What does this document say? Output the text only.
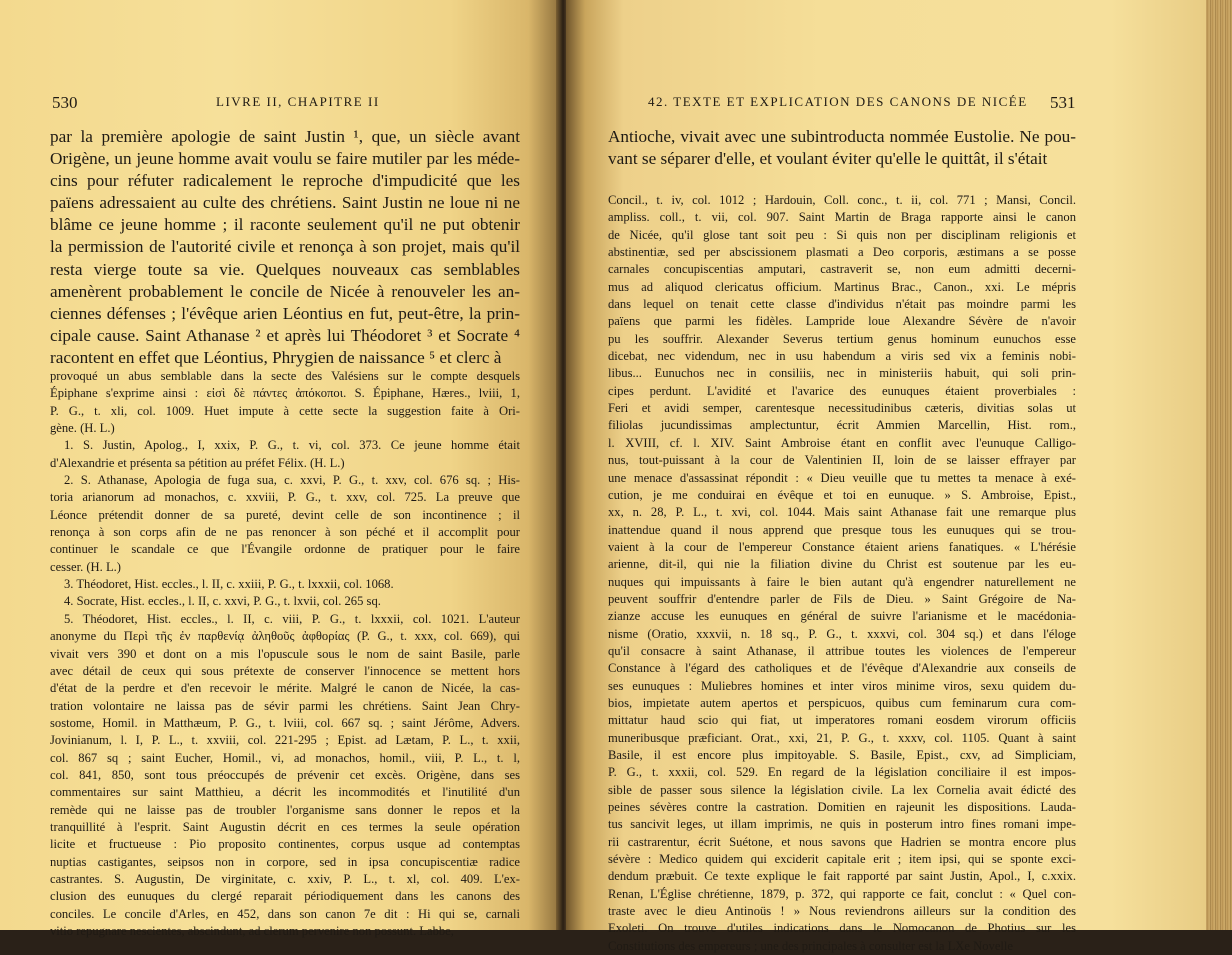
530	LIVRE II, CHAPITRE II
par la première apologie de saint Justin ¹, que, un siècle avant
Origène, un jeune homme avait voulu se faire mutiler par les méde-
cins pour réfuter radicalement le reproche d'impudicité que les
païens adressaient au culte des chrétiens. Saint Justin ne loue ni ne
blâme ce jeune homme ; il raconte seulement qu'il ne put obtenir
la permission de l'autorité civile et renonça à son projet, mais qu'il
resta vierge toute sa vie. Quelques nouveaux cas semblables
amenèrent probablement le concile de Nicée à renouveler les an-
ciennes défenses ; l'évêque arien Léontius en fut, peut-être, la prin-
cipale cause. Saint Athanase ² et après lui Théodoret ³ et Socrate ⁴
racontent en effet que Léontius, Phrygien de naissance ⁵ et clerc à
provoqué un abus semblable dans la secte des Valésiens sur le compte desquels
Épiphane s'exprime ainsi : εἰσὶ δὲ πάντες ἀπόκοποι. S. Épiphane, Hæres., lviii, 1,
P. G., t. xli, col. 1009. Huet impute à cette secte la suggestion faite à Ori-
gène. (H. L.)
1. S. Justin, Apolog., I, xxix, P. G., t. vi, col. 373. Ce jeune homme était
d'Alexandrie et présenta sa pétition au préfet Félix. (H. L.)
2. S. Athanase, Apologia de fuga sua, c. xxvi, P. G., t. xxv, col. 676 sq. ; His-
toria arianorum ad monachos, c. xxviii, P. G., t. xxv, col. 725. La preuve que
Léonce prétendit donner de sa pureté, devint celle de son incontinence ; il
renonça à son corps afin de ne pas renoncer à son péché et il accomplit pour
continuer le scandale ce que l'Évangile ordonne de pratiquer pour le faire
cesser. (H. L.)
3. Théodoret, Hist. eccles., l. II, c. xxiii, P. G., t. lxxxii, col. 1068.
4. Socrate, Hist. eccles., l. II, c. xxvi, P. G., t. lxvii, col. 265 sq.
5. Théodoret, Hist. eccles., l. II, c. viii, P. G., t. lxxxii, col. 1021. L'auteur
anonyme du Περὶ τῆς ἐν παρθενίᾳ ἀληθοῦς ἀφθορίας (P. G., t. xxx, col. 669), qui
vivait vers 390 et dont on a mis l'opuscule sous le nom de saint Basile, parle
avec détail de ceux qui sous prétexte de conserver l'innocence se mettent hors
d'état de la perdre et d'en recevoir le mérite. Malgré le canon de Nicée, la cas-
tration volontaire ne laissa pas de sévir parmi les chrétiens. Saint Jean Chry-
sostome, Homil. in Matthæum, P. G., t. lviii, col. 667 sq. ; saint Jérôme, Advers.
Jovinianum, l. I, P. L., t. xxviii, col. 221-295 ; Epist. ad Lætam, P. L., t. xxii,
col. 867 sq ; saint Eucher, Homil., vi, ad monachos, homil., viii, P. L., t. l,
col. 841, 850, sont tous préoccupés de prévenir cet excès. Origène, dans ses
commentaires sur saint Matthieu, a décrit les incommodités et l'inutilité d'un
remède qui ne laisse pas de troubler l'organisme sans donner le repos et la
tranquillité à l'esprit. Saint Augustin décrit en ces termes la seule opération
licite et fructueuse : Pio proposito continentes, corpus usque ad contemptas
nuptias castigantes, seipsos non in corpore, sed in ipsa concupiscentiæ radice
castrantes. S. Augustin, De virginitate, c. xxiv, P. L., t. xl, col. 409. L'ex-
clusion des eunuques du clergé reparait périodiquement dans les canons des
conciles. Le concile d'Arles, en 452, dans son canon 7e dit : Hi qui se, carnali
vitio repugnare nescientes, abscindunt, ad clerum pervenire non possunt. Labbe,
42. TEXTE ET EXPLICATION DES CANONS DE NICÉE 531
Antioche, vivait avec une subintroducta nommée Eustolie. Ne pou-
vant se séparer d'elle, et voulant éviter qu'elle le quittât, il s'était
Concil., t. iv, col. 1012 ; Hardouin, Coll. conc., t. ii, col. 771 ; Mansi, Concil.
ampliss. coll., t. vii, col. 907. Saint Martin de Braga rapporte ainsi le canon
de Nicée, qu'il glose tant soit peu : Si quis non per disciplinam religionis et
abstinentiæ, sed per abscissionem plasmati a Deo corporis, æstimans a se posse
carnales concupiscentias amputari, castraverit se, non eum admitti decerni-
mus ad aliquod clericatus officium. Martinus Brac., Canon., xxi. Le mépris
dans lequel on tenait cette classe d'individus n'était pas moindre parmi les
païens que parmi les fidèles. Lampride loue Alexandre Sévère de n'avoir
pu les souffrir. Alexander Severus tertium genus hominum eunuchos esse
dicebat, nec videndum, nec in usu habendum a viris sed vix a feminis nobi-
libus... Eunuchos nec in consiliis, nec in ministeriis habuit, qui soli prin-
cipes perdunt. L'avidité et l'avarice des eunuques étaient proverbiales :
Feri et avidi semper, carentesque necessitudinibus cæteris, divitias solas ut
filiolas jucundissimas amplectuntur, écrit Ammien Marcellin, Hist. rom.,
l. XVIII, cf. l. XIV. Saint Ambroise étant en conflit avec l'eunuque Calligo-
nus, tout-puissant à la cour de Valentinien II, loin de se laisser effrayer par
une menace d'assassinat répondit : « Dieu veuille que tu mettes ta menace à exé-
cution, je me conduirai en évêque et toi en eunuque. » S. Ambroise, Epist.,
xx, n. 28, P. L., t. xvi, col. 1044. Mais saint Athanase fait une remarque plus
inattendue quand il nous apprend que presque tous les eunuques qui se trou-
vaient à la cour de l'empereur Constance étaient ariens fanatiques. « L'hérésie
arienne, dit-il, qui nie la filiation divine du Christ est soutenue par les eu-
nuques qui impuissants à faire le bien autant qu'à engendrer naturellement ne
peuvent souffrir d'entendre parler de Fils de Dieu. » Saint Grégoire de Na-
zianze accuse les eunuques en général de suivre l'arianisme et le macédonia-
nisme (Oratio, xxxvii, n. 18 sq., P. G., t. xxxvi, col. 304 sq.) et dans l'éloge
qu'il consacre à saint Athanase, il attribue toutes les violences de l'empereur
Constance à l'égard des catholiques et de l'évêque d'Alexandrie aux conseils de
ses eunuques : Muliebres homines et inter viros minime viros, sexu quidem du-
bios, impietate autem apertos et perspicuos, quibus cum feminarum cura com-
mittatur haud scio qui fiat, ut imperatores romani eosdem virorum officiis
muneribusque præficiant. Orat., xxi, 21, P. G., t. xxxv, col. 1105. Quant à saint
Basile, il est encore plus impitoyable. S. Basile, Epist., cxv, ad Simpliciam,
P. G., t. xxxii, col. 529. En regard de la législation conciliaire il est impos-
sible de passer sous silence la législation civile. La lex Cornelia avait édicté des
peines sévères contre la castration. Domitien en rajeunit les dispositions. Lauda-
tus sancivit leges, ut illam imprimis, ne quis in posterum intro fines romani impe-
rii castrarentur, écrit Suétone, et nous savons que Hadrien se montra encore plus
sévère : Medico quidem qui exciderit capitale erit ; item ipsi, qui se sponte exci-
dendum præbuit. Ce texte explique le fait rapporté par saint Justin, Apol., I, c.xxix.
Renan, L'Église chrétienne, 1879, p. 372, qui rapporte ce fait, conclut : « Quel con-
traste avec le dieu Antinoüs ! » Nous reviendrons ailleurs sur la condition des
Exoleti. On trouve d'utiles indications dans le Nomocanon de Photius sur les
Constitutions des empereurs ; une des principales à consulter est la LXe Novelle
